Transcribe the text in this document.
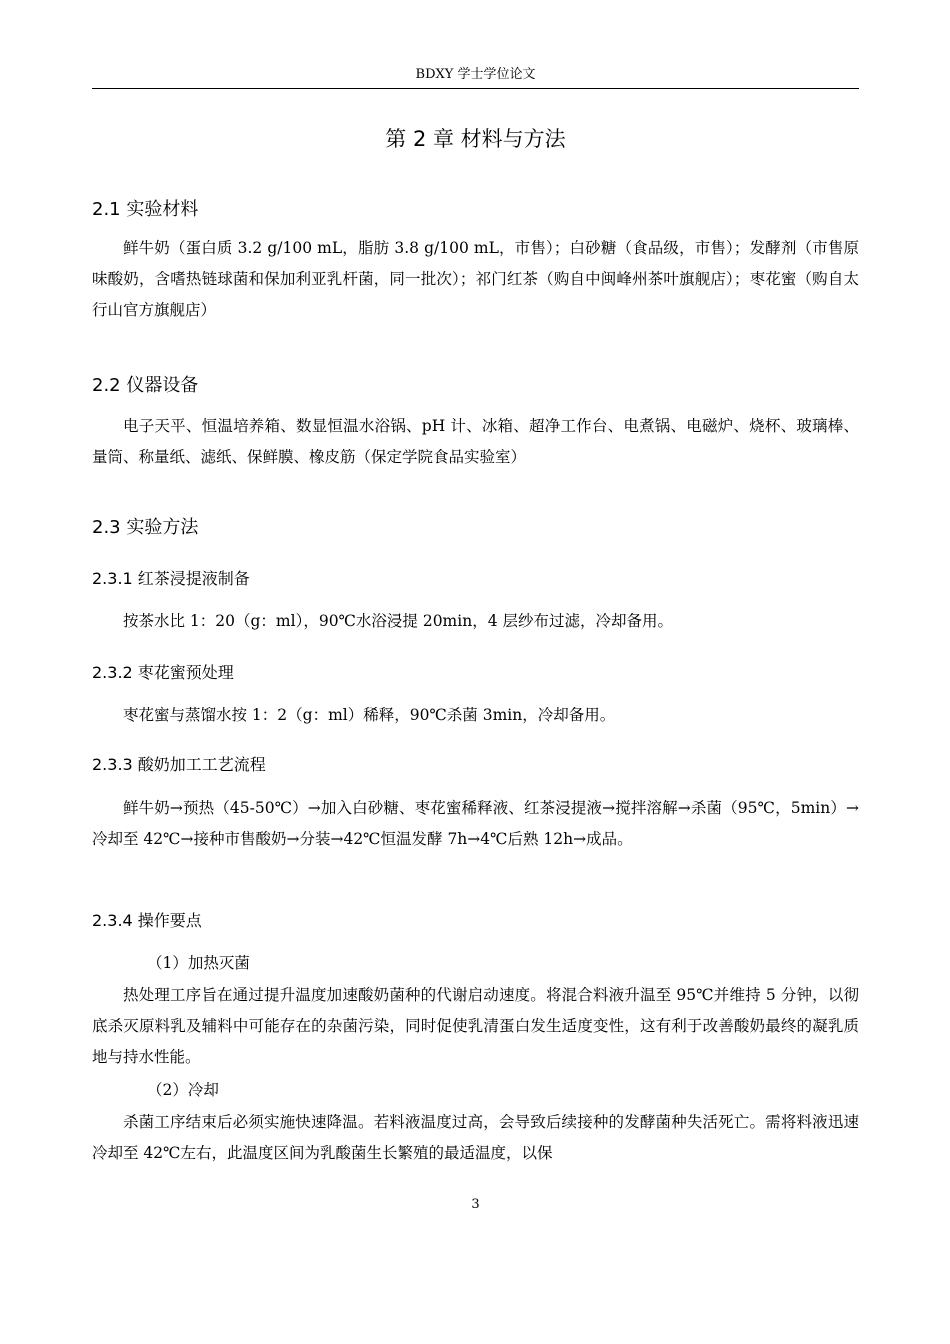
BDXY 学士学位论文
第 2 章 材料与方法
2.1 实验材料
鲜牛奶（蛋白质 3.2 g/100 mL，脂肪 3.8 g/100 mL，市售）；白砂糖（食品级，市售）；发酵剂（市售原味酸奶，含嗜热链球菌和保加利亚乳杆菌，同一批次）；祁门红茶（购自中闽峰州茶叶旗舰店）；枣花蜜（购自太行山官方旗舰店）
2.2 仪器设备
电子天平、恒温培养箱、数显恒温水浴锅、pH 计、冰箱、超净工作台、电煮锅、电磁炉、烧杯、玻璃棒、量筒、称量纸、滤纸、保鲜膜、橡皮筋（保定学院食品实验室）
2.3 实验方法
2.3.1 红茶浸提液制备
按茶水比 1：20（g：ml），90℃水浴浸提 20min，4 层纱布过滤，冷却备用。
2.3.2 枣花蜜预处理
枣花蜜与蒸馏水按 1：2（g：ml）稀释，90℃杀菌 3min，冷却备用。
2.3.3 酸奶加工工艺流程
鲜牛奶→预热（45-50℃）→加入白砂糖、枣花蜜稀释液、红茶浸提液→搅拌溶解→杀菌（95℃，5min）→冷却至 42℃→接种市售酸奶→分装→42℃恒温发酵 7h→4℃后熟 12h→成品。
2.3.4 操作要点
（1）加热灭菌
热处理工序旨在通过提升温度加速酸奶菌种的代谢启动速度。将混合料液升温至 95℃并维持 5 分钟，以彻底杀灭原料乳及辅料中可能存在的杂菌污染，同时促使乳清蛋白发生适度变性，这有利于改善酸奶最终的凝乳质地与持水性能。
（2）冷却
杀菌工序结束后必须实施快速降温。若料液温度过高，会导致后续接种的发酵菌种失活死亡。需将料液迅速冷却至 42℃左右，此温度区间为乳酸菌生长繁殖的最适温度，以保
3
